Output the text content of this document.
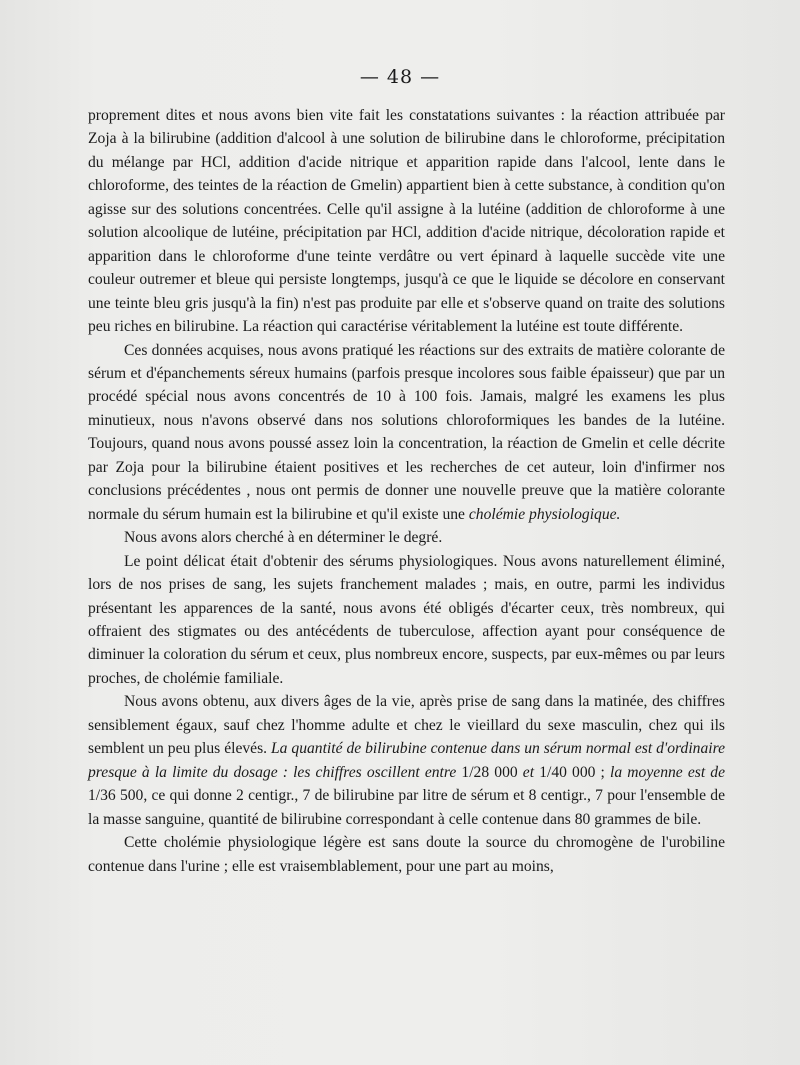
— 48 —

proprement dites et nous avons bien vite fait les constatations suivantes : la réaction attribuée par Zoja à la bilirubine (addition d'alcool à une solution de bilirubine dans le chloroforme, précipitation du mélange par HCl, addition d'acide nitrique et apparition rapide dans l'alcool, lente dans le chloroforme, des teintes de la réaction de Gmelin) appartient bien à cette substance, à condition qu'on agisse sur des solutions concentrées. Celle qu'il assigne à la lutéine (addition de chloroforme à une solution alcoolique de lutéine, précipitation par HCl, addition d'acide nitrique, décoloration rapide et apparition dans le chloroforme d'une teinte verdâtre ou vert épinard à laquelle succède vite une couleur outremer et bleue qui persiste longtemps, jusqu'à ce que le liquide se décolore en conservant une teinte bleu gris jusqu'à la fin) n'est pas produite par elle et s'observe quand on traite des solutions peu riches en bilirubine. La réaction qui caractérise véritablement la lutéine est toute différente.

Ces données acquises, nous avons pratiqué les réactions sur des extraits de matière colorante de sérum et d'épanchements séreux humains (parfois presque incolores sous faible épaisseur) que par un procédé spécial nous avons concentrés de 10 à 100 fois. Jamais, malgré les examens les plus minutieux, nous n'avons observé dans nos solutions chloroformiques les bandes de la lutéine. Toujours, quand nous avons poussé assez loin la concentration, la réaction de Gmelin et celle décrite par Zoja pour la bilirubine étaient positives et les recherches de cet auteur, loin d'infirmer nos conclusions précédentes , nous ont permis de donner une nouvelle preuve que la matière colorante normale du sérum humain est la bilirubine et qu'il existe une cholémie physiologique.

Nous avons alors cherché à en déterminer le degré.

Le point délicat était d'obtenir des sérums physiologiques. Nous avons naturellement éliminé, lors de nos prises de sang, les sujets franchement malades ; mais, en outre, parmi les individus présentant les apparences de la santé, nous avons été obligés d'écarter ceux, très nombreux, qui offraient des stigmates ou des antécédents de tuberculose, affection ayant pour conséquence de diminuer la coloration du sérum et ceux, plus nombreux encore, suspects, par eux-mêmes ou par leurs proches, de cholémie familiale.

Nous avons obtenu, aux divers âges de la vie, après prise de sang dans la matinée, des chiffres sensiblement égaux, sauf chez l'homme adulte et chez le vieillard du sexe masculin, chez qui ils semblent un peu plus élevés. La quantité de bilirubine contenue dans un sérum normal est d'ordinaire presque à la limite du dosage : les chiffres oscillent entre 1/28 000 et 1/40 000 ; la moyenne est de 1/36 500, ce qui donne 2 centigr., 7 de bilirubine par litre de sérum et 8 centigr., 7 pour l'ensemble de la masse sanguine, quantité de bilirubine correspondant à celle contenue dans 80 grammes de bile.

Cette cholémie physiologique légère est sans doute la source du chromogène de l'urobiline contenue dans l'urine ; elle est vraisemblablement, pour une part au moins,
